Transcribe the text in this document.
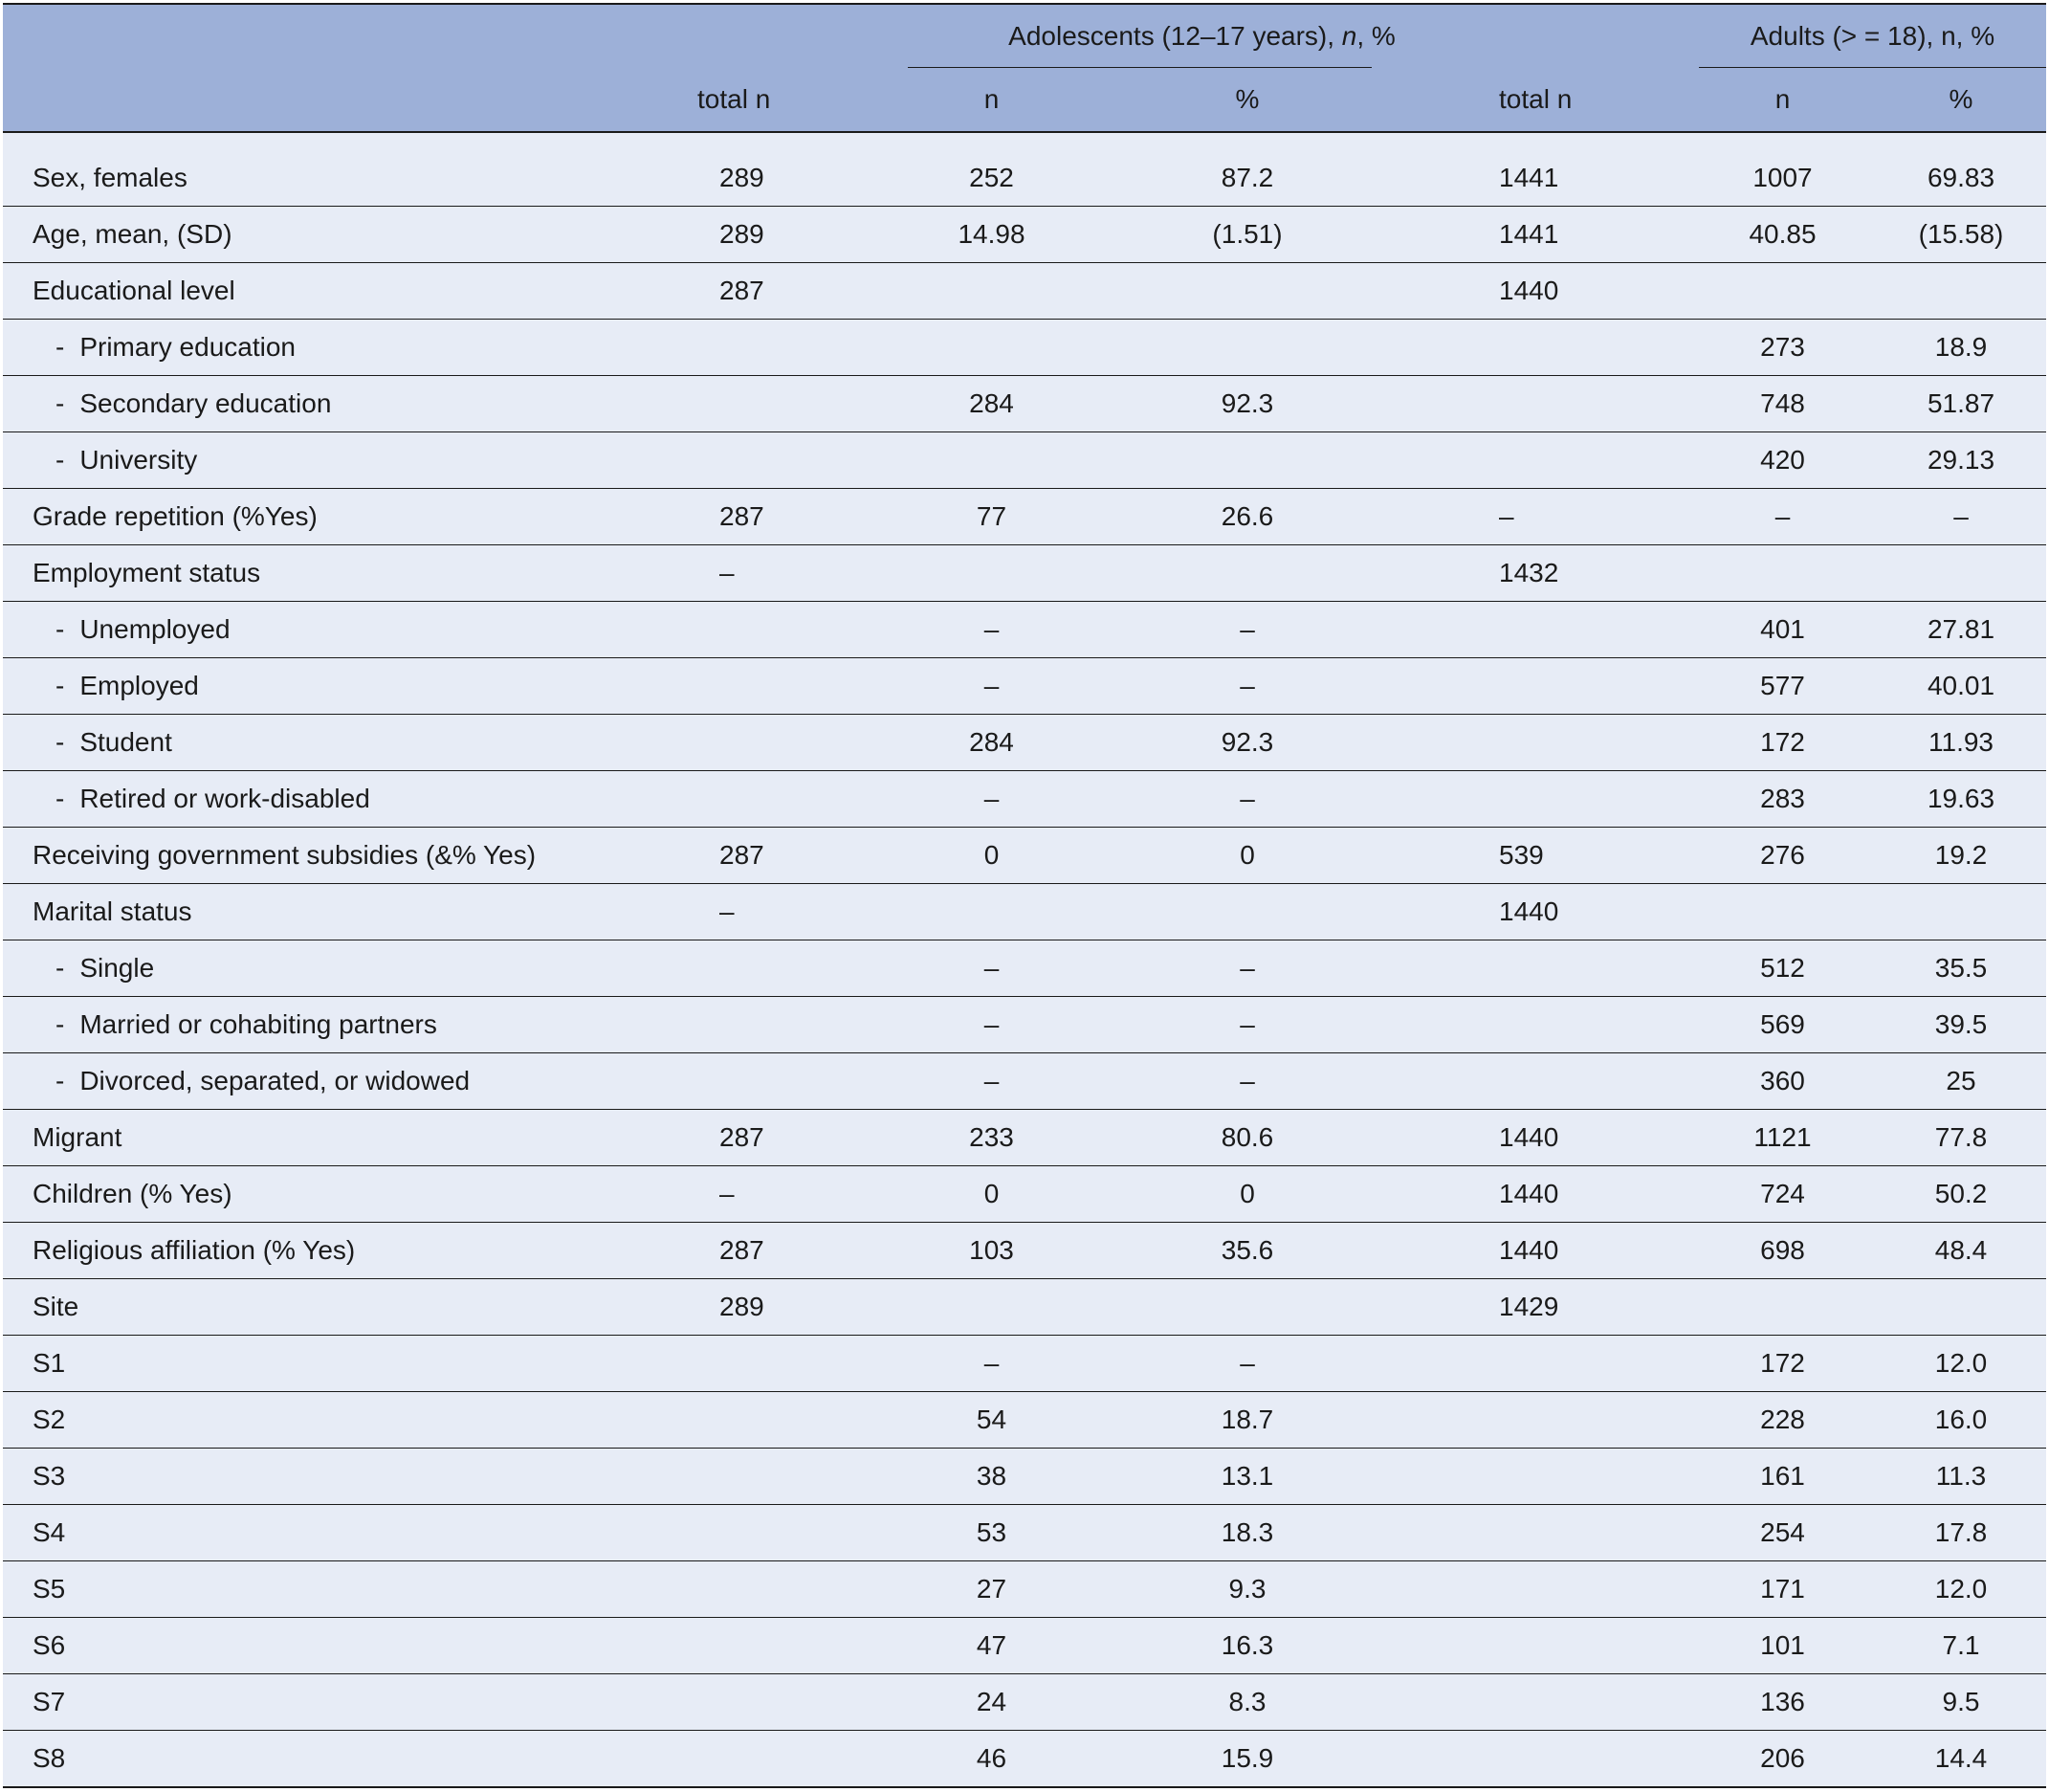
		Adolescents (12–17 years), n, %			Adults (> = 18), n, %	

	total n	n	%	total n	n	%

Sex, females	289	252	87.2	1441	1007	69.83
Age, mean, (SD)	289	14.98	(1.51)	1441	40.85	(15.58)
Educational level	287			1440		
- Primary education					273	18.9
- Secondary education		284	92.3		748	51.87
- University					420	29.13
Grade repetition (%Yes)	287	77	26.6	–	–	–
Employment status	–			1432		
- Unemployed		–	–		401	27.81
- Employed		–	–		577	40.01
- Student		284	92.3		172	11.93
- Retired or work-disabled		–	–		283	19.63
Receiving government subsidies (&% Yes)	287	0	0	539	276	19.2
Marital status	–			1440		
- Single		–	–		512	35.5
- Married or cohabiting partners		–	–		569	39.5
- Divorced, separated, or widowed		–	–		360	25
Migrant	287	233	80.6	1440	1121	77.8
Children (% Yes)	–	0	0	1440	724	50.2
Religious affiliation (% Yes)	287	103	35.6	1440	698	48.4
Site	289			1429		
S1		–	–		172	12.0
S2		54	18.7		228	16.0
S3		38	13.1		161	11.3
S4		53	18.3		254	17.8
S5		27	9.3		171	12.0
S6		47	16.3		101	7.1
S7		24	8.3		136	9.5
S8		46	15.9		206	14.4
